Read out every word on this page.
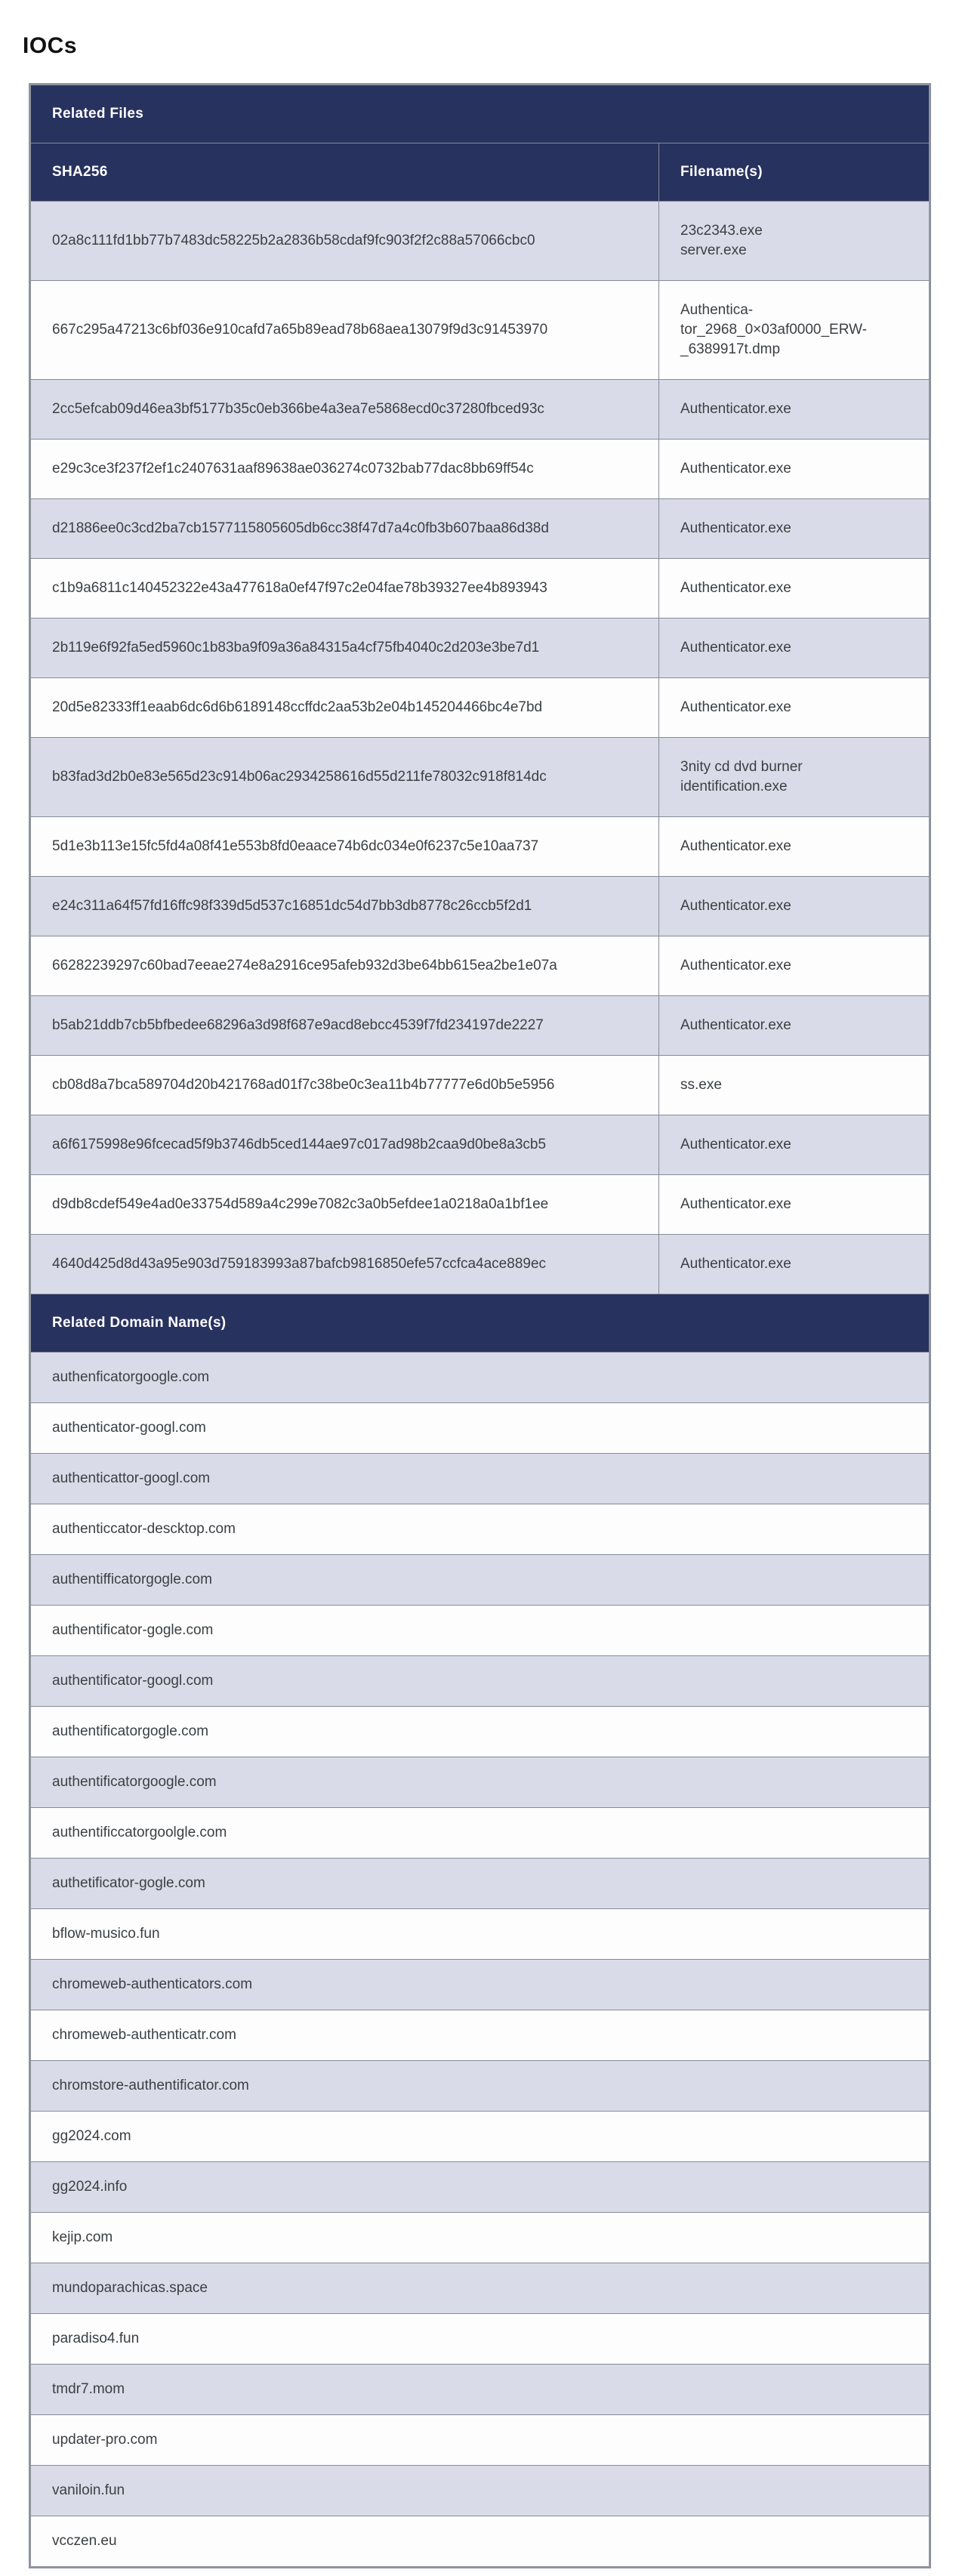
IOCs
Related Files	
SHA256	Filename(s)
02a8c111fd1bb77b7483dc58225b2a2836b58cdaf9fc903f2f2c88a57066cbc0	23c2343.exe
server.exe

667c295a47213c6bf036e910cafd7a65b89ead78b68aea13079f9d3c91453970	Authentica-
tor_2968_0×03af0000_ERW-
_6389917t.dmp

2cc5efcab09d46ea3bf5177b35c0eb366be4a3ea7e5868ecd0c37280fbced93c	Authenticator.exe

e29c3ce3f237f2ef1c2407631aaf89638ae036274c0732bab77dac8bb69ff54c	Authenticator.exe

d21886ee0c3cd2ba7cb1577115805605db6cc38f47d7a4c0fb3b607baa86d38d	Authenticator.exe

c1b9a6811c140452322e43a477618a0ef47f97c2e04fae78b39327ee4b893943	Authenticator.exe

2b119e6f92fa5ed5960c1b83ba9f09a36a84315a4cf75fb4040c2d203e3be7d1	Authenticator.exe

20d5e82333ff1eaab6dc6d6b6189148ccffdc2aa53b2e04b145204466bc4e7bd	Authenticator.exe

b83fad3d2b0e83e565d23c914b06ac2934258616d55d211fe78032c918f814dc	3nity cd dvd burner
identification.exe

5d1e3b113e15fc5fd4a08f41e553b8fd0eaace74b6dc034e0f6237c5e10aa737	Authenticator.exe

e24c311a64f57fd16ffc98f339d5d537c16851dc54d7bb3db8778c26ccb5f2d1	Authenticator.exe

66282239297c60bad7eeae274e8a2916ce95afeb932d3be64bb615ea2be1e07a	Authenticator.exe

b5ab21ddb7cb5bfbedee68296a3d98f687e9acd8ebcc4539f7fd234197de2227	Authenticator.exe

cb08d8a7bca589704d20b421768ad01f7c38be0c3ea11b4b77777e6d0b5e5956	ss.exe

a6f6175998e96fcecad5f9b3746db5ced144ae97c017ad98b2caa9d0be8a3cb5	Authenticator.exe

d9db8cdef549e4ad0e33754d589a4c299e7082c3a0b5efdee1a0218a0a1bf1ee	Authenticator.exe

4640d425d8d43a95e903d759183993a87bafcb9816850efe57ccfca4ace889ec	Authenticator.exe

Related Domain Name(s)	
authenficatorgoogle.com	
authenticator-googl.com	
authenticattor-googl.com	
authenticcator-descktop.com	
authentifficatorgogle.com	
authentificator-gogle.com	
authentificator-googl.com	
authentificatorgogle.com	
authentificatorgoogle.com	
authentificcatorgoolgle.com	
authetificator-gogle.com	
bflow-musico.fun	
chromeweb-authenticators.com	
chromeweb-authenticatr.com	
chromstore-authentificator.com	
gg2024.com	
gg2024.info	
kejip.com	
mundoparachicas.space	
paradiso4.fun	
tmdr7.mom	
updater-pro.com	
vaniloin.fun	
vcczen.eu	
